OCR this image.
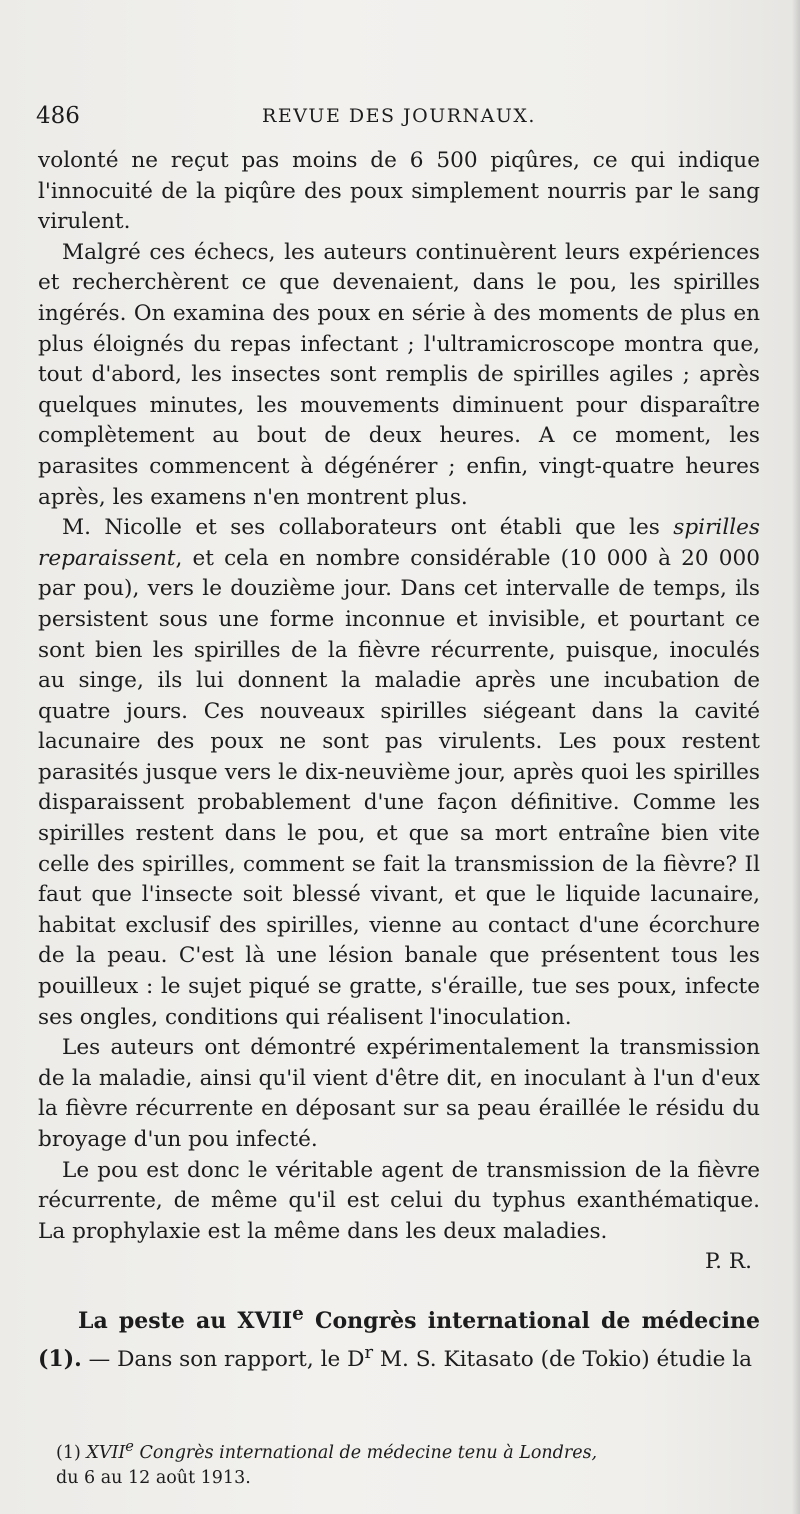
486	REVUE DES JOURNAUX.

volonté ne reçut pas moins de 6 500 piqûres, ce qui indique l'innocuité de la piqûre des poux simplement nourris par le sang virulent.

Malgré ces échecs, les auteurs continuèrent leurs expériences et recherchèrent ce que devenaient, dans le pou, les spirilles ingérés. On examina des poux en série à des moments de plus en plus éloignés du repas infectant ; l'ultramicroscope montra que, tout d'abord, les insectes sont remplis de spirilles agiles ; après quelques minutes, les mouvements diminuent pour disparaître complètement au bout de deux heures. A ce moment, les parasites commencent à dégénérer ; enfin, vingt-quatre heures après, les examens n'en montrent plus.

M. Nicolle et ses collaborateurs ont établi que les spirilles reparaissent, et cela en nombre considérable (10 000 à 20 000 par pou), vers le douzième jour. Dans cet intervalle de temps, ils persistent sous une forme inconnue et invisible, et pourtant ce sont bien les spirilles de la fièvre récurrente, puisque, inoculés au singe, ils lui donnent la maladie après une incubation de quatre jours. Ces nouveaux spirilles siégeant dans la cavité lacunaire des poux ne sont pas virulents. Les poux restent parasités jusque vers le dix-neuvième jour, après quoi les spirilles disparaissent probablement d'une façon définitive. Comme les spirilles restent dans le pou, et que sa mort entraîne bien vite celle des spirilles, comment se fait la transmission de la fièvre? Il faut que l'insecte soit blessé vivant, et que le liquide lacunaire, habitat exclusif des spirilles, vienne au contact d'une écorchure de la peau. C'est là une lésion banale que présentent tous les pouilleux : le sujet piqué se gratte, s'éraille, tue ses poux, infecte ses ongles, conditions qui réalisent l'inoculation.

Les auteurs ont démontré expérimentalement la transmission de la maladie, ainsi qu'il vient d'être dit, en inoculant à l'un d'eux la fièvre récurrente en déposant sur sa peau éraillée le résidu du broyage d'un pou infecté.

Le pou est donc le véritable agent de transmission de la fièvre récurrente, de même qu'il est celui du typhus exanthématique. La prophylaxie est la même dans les deux maladies.

P. R.

La peste au XVIIe Congrès international de médecine (1). — Dans son rapport, le $D^r$ M. S. Kitasato (de Tokio) étudie la

(1) XVIIe Congrès international de médecine tenu à Londres,

du 6 au 12 août 1913.
